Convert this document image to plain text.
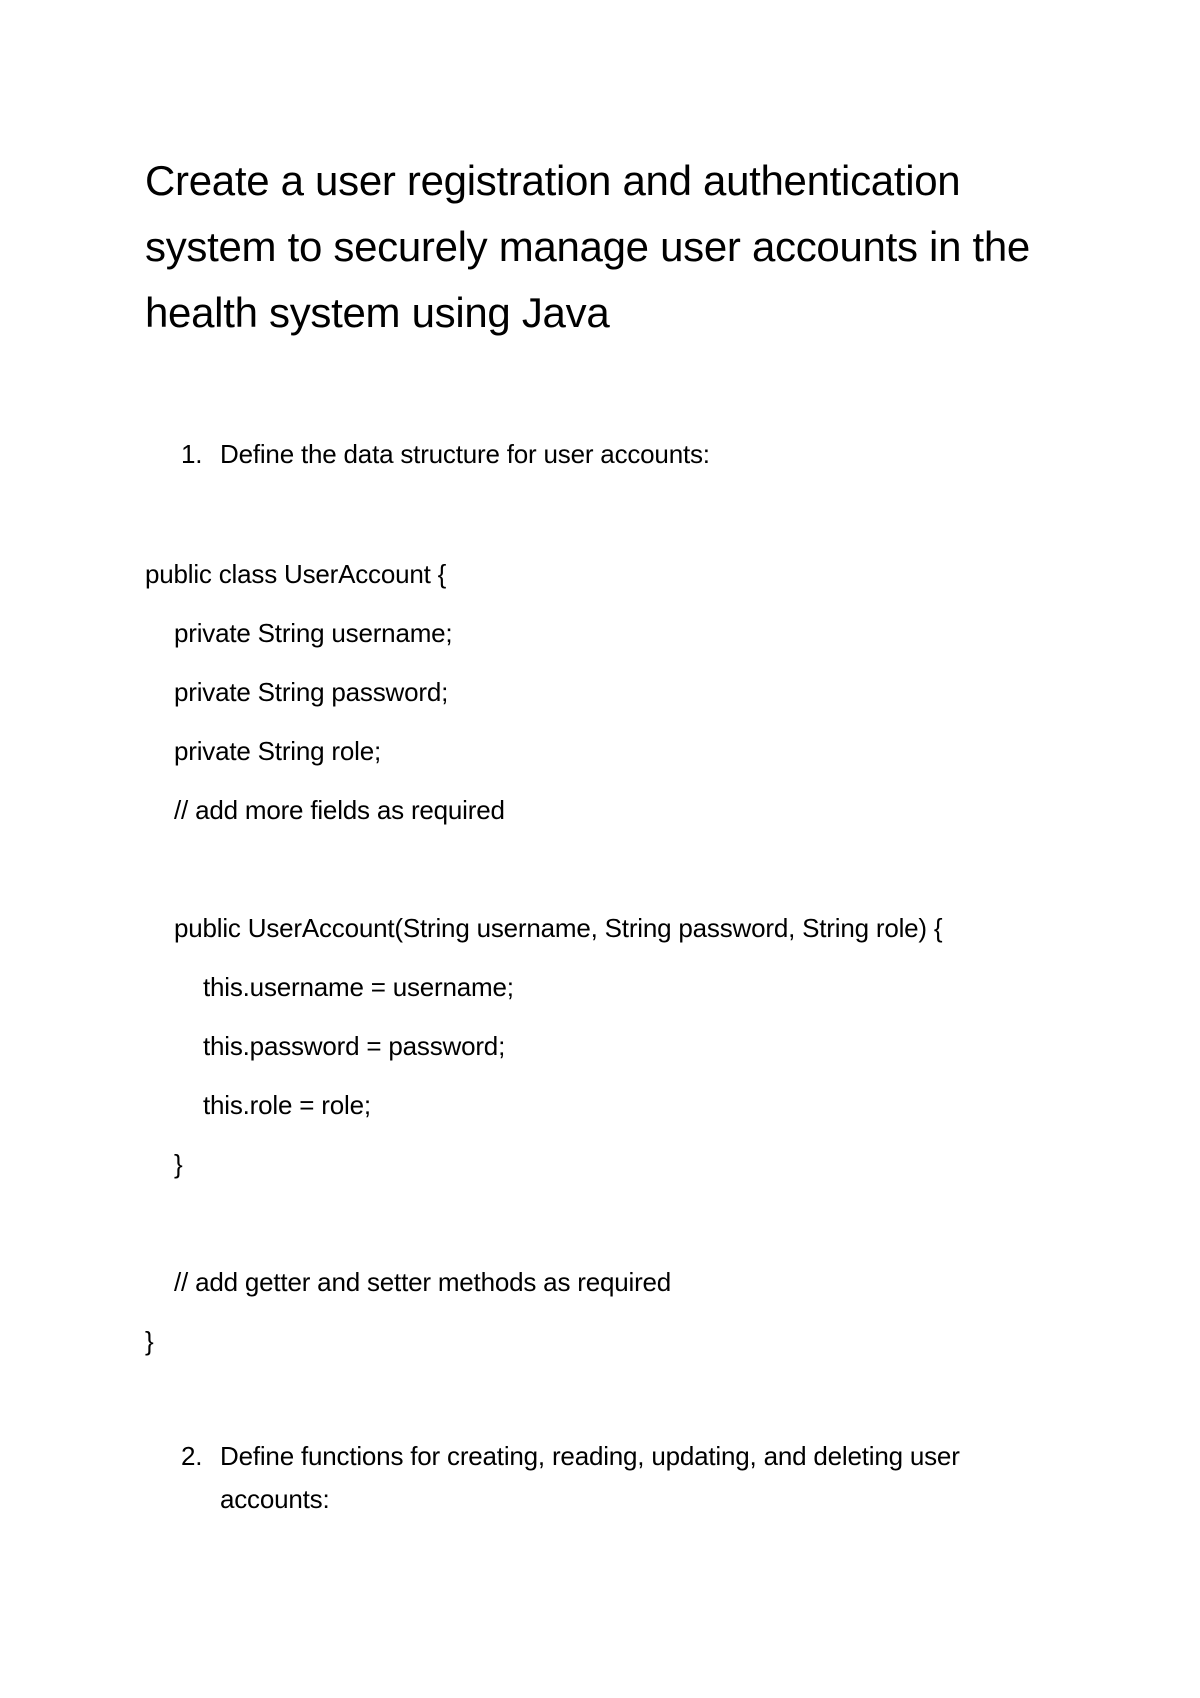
Create a user registration and authentication system to securely manage user accounts in the health system using Java
1. Define the data structure for user accounts:
public class UserAccount {
private String username;
private String password;
private String role;
// add more fields as required
public UserAccount(String username, String password, String role) {
this.username = username;
this.password = password;
this.role = role;
}
// add getter and setter methods as required
}
2. Define functions for creating, reading, updating, and deleting user accounts:
